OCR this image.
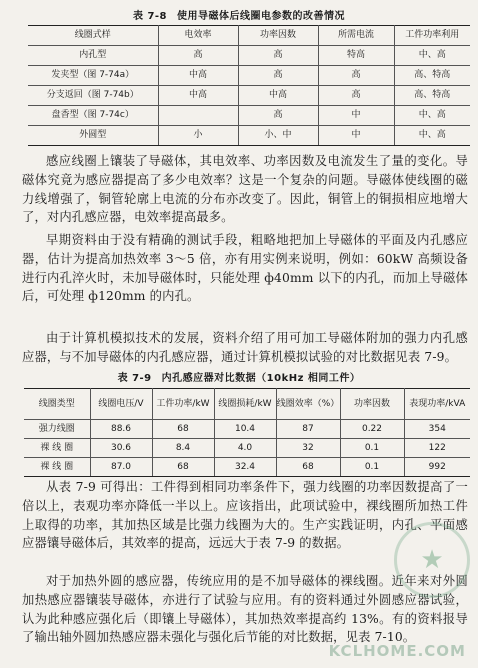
表 7-8 使用导磁体后线圈电参数的改善情况
线圈式样	电效率	功率因数	所需电流	工件功率利用
内孔型	高	高	特高	中、高
发夹型（图 7-74a）	中高	高	高	高、特高
分支返回（图 7-74b）	中高	中高	高	高、特高
盘香型（图 7-74c）		高	中	中、高
外圆型	小	小、中	中	中、高

感应线圈上镶装了导磁体，其电效率、功率因数及电流发生了量的变化。导磁体究竟为感应器提高了多少电效率？这是一个复杂的问题。导磁体使线圈的磁力线增强了，铜管轮廓上电流的分布亦改变了。因此，铜管上的铜损相应地增大了，对内孔感应器，电效率提高最多。

早期资料由于没有精确的测试手段，粗略地把加上导磁体的平面及内孔感应器，估计为提高加热效率 3～5 倍，亦有用实例来说明，例如：60kW 高频设备进行内孔淬火时，未加导磁体时，只能处理 ф40mm 以下的内孔，而加上导磁体后，可处理 ф120mm 的内孔。

由于计算机模拟技术的发展，资料介绍了用可加工导磁体附加的强力内孔感应器，与不加导磁体的内孔感应器，通过计算机模拟试验的对比数据见表 7-9。

表 7-9 内孔感应器对比数据（10kHz 相同工件）
线圈类型	线圈电压/V	工件功率/kW	线圈损耗/kW	线圈效率（%）	功率因数	表现功率/kVA
强力线圈	88.6	68	10.4	87	0.22	354
裸 线 圈	30.6	8.4	4.0	32	0.1	122
裸 线 圈	87.0	68	32.4	68	0.1	992

从表 7-9 可得出：工件得到相同功率条件下，强力线圈的功率因数提高了一倍以上，表观功率亦降低一半以上。应该指出，此项试验中，裸线圈所加热工件上取得的功率，其加热区域是比强力线圈为大的。生产实践证明，内孔、平面感应器镶导磁体后，其效率的提高，远远大于表 7-9 的数据。

对于加热外圆的感应器，传统应用的是不加导磁体的裸线圈。近年来对外圆加热感应器镶装导磁体，亦进行了试验与应用。有的资料通过外圆感应器试验，认为此种感应强化后（即镶上导磁体），其加热效率提高约 13%。有的资料报导了输出轴外圆加热感应器未强化与强化后节能的对比数据，见表 7-10。

★
KCLHOME.COM
